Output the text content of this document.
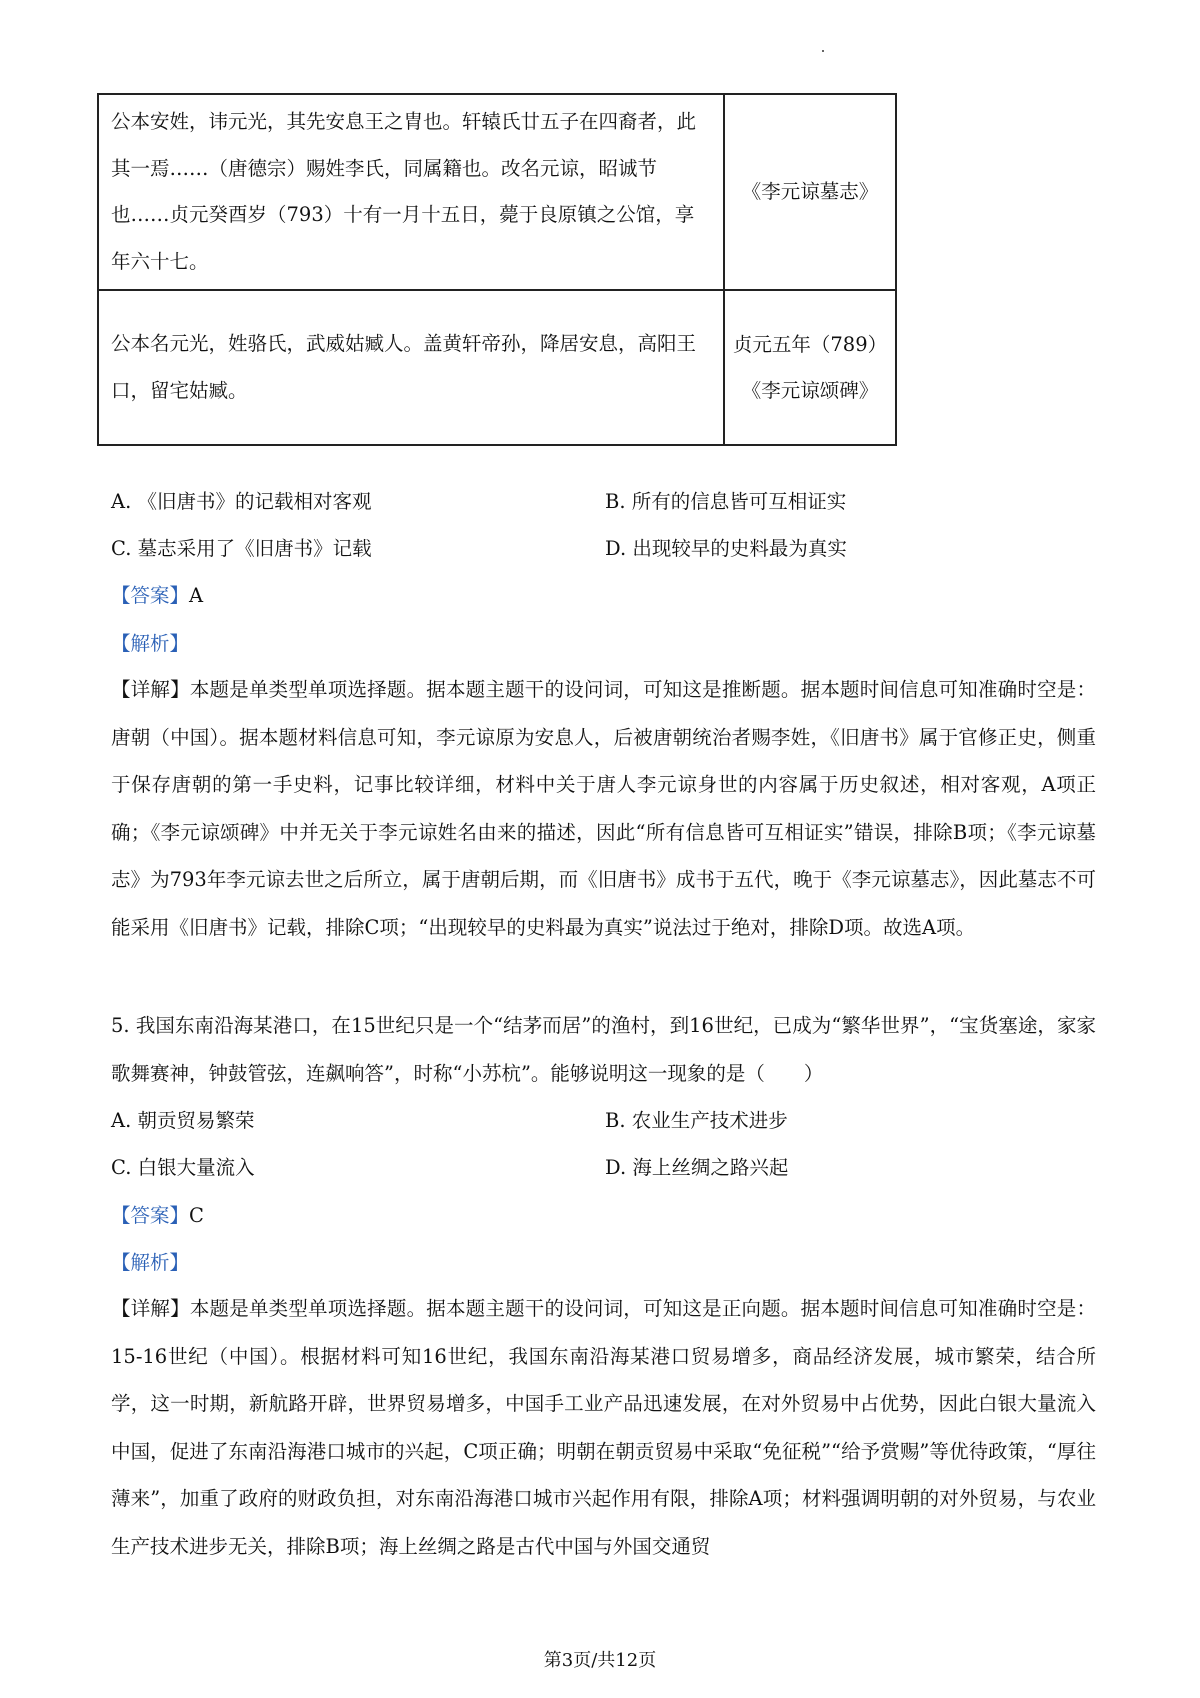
公本安姓，讳元光，其先安息王之胄也。轩辕氏廿五子在四裔者，此其一焉……（唐德宗）赐姓李氏，同属籍也。改名元谅，昭诚节也……贞元癸酉岁（793）十有一月十五日，薨于良原镇之公馆，享年六十七。	《李元谅墓志》
公本名元光，姓骆氏，武威姑臧人。盖黄轩帝孙，降居安息，高阳王口，留宅姑臧。	贞元五年（789）
《李元谅颂碑》
A. 《旧唐书》的记载相对客观	B. 所有的信息皆可互相证实
C. 墓志采用了《旧唐书》记载	D. 出现较早的史料最为真实
【答案】A
【解析】
【详解】本题是单类型单项选择题。据本题主题干的设问词，可知这是推断题。据本题时间信息可知准确时空是：唐朝（中国）。据本题材料信息可知，李元谅原为安息人，后被唐朝统治者赐李姓，《旧唐书》属于官修正史，侧重于保存唐朝的第一手史料，记事比较详细，材料中关于唐人李元谅身世的内容属于历史叙述，相对客观，A项正确；《李元谅颂碑》中并无关于李元谅姓名由来的描述，因此“所有信息皆可互相证实”错误，排除B项；《李元谅墓志》为793年李元谅去世之后所立，属于唐朝后期，而《旧唐书》成书于五代，晚于《李元谅墓志》，因此墓志不可能采用《旧唐书》记载，排除C项；“出现较早的史料最为真实”说法过于绝对，排除D项。故选A项。
5. 我国东南沿海某港口，在15世纪只是一个“结茅而居”的渔村，到16世纪，已成为“繁华世界”，“宝货塞途，家家歌舞赛神，钟鼓管弦，连飙响答”，时称“小苏杭”。能够说明这一现象的是（　　）
A. 朝贡贸易繁荣	B. 农业生产技术进步
C. 白银大量流入	D. 海上丝绸之路兴起
【答案】C
【解析】
【详解】本题是单类型单项选择题。据本题主题干的设问词，可知这是正向题。据本题时间信息可知准确时空是：15-16世纪（中国）。根据材料可知16世纪，我国东南沿海某港口贸易增多，商品经济发展，城市繁荣，结合所学，这一时期，新航路开辟，世界贸易增多，中国手工业产品迅速发展，在对外贸易中占优势，因此白银大量流入中国，促进了东南沿海港口城市的兴起，C项正确；明朝在朝贡贸易中采取“免征税”“给予赏赐”等优待政策，“厚往薄来”，加重了政府的财政负担，对东南沿海港口城市兴起作用有限，排除A项；材料强调明朝的对外贸易，与农业生产技术进步无关，排除B项；海上丝绸之路是古代中国与外国交通贸
第3页/共12页
